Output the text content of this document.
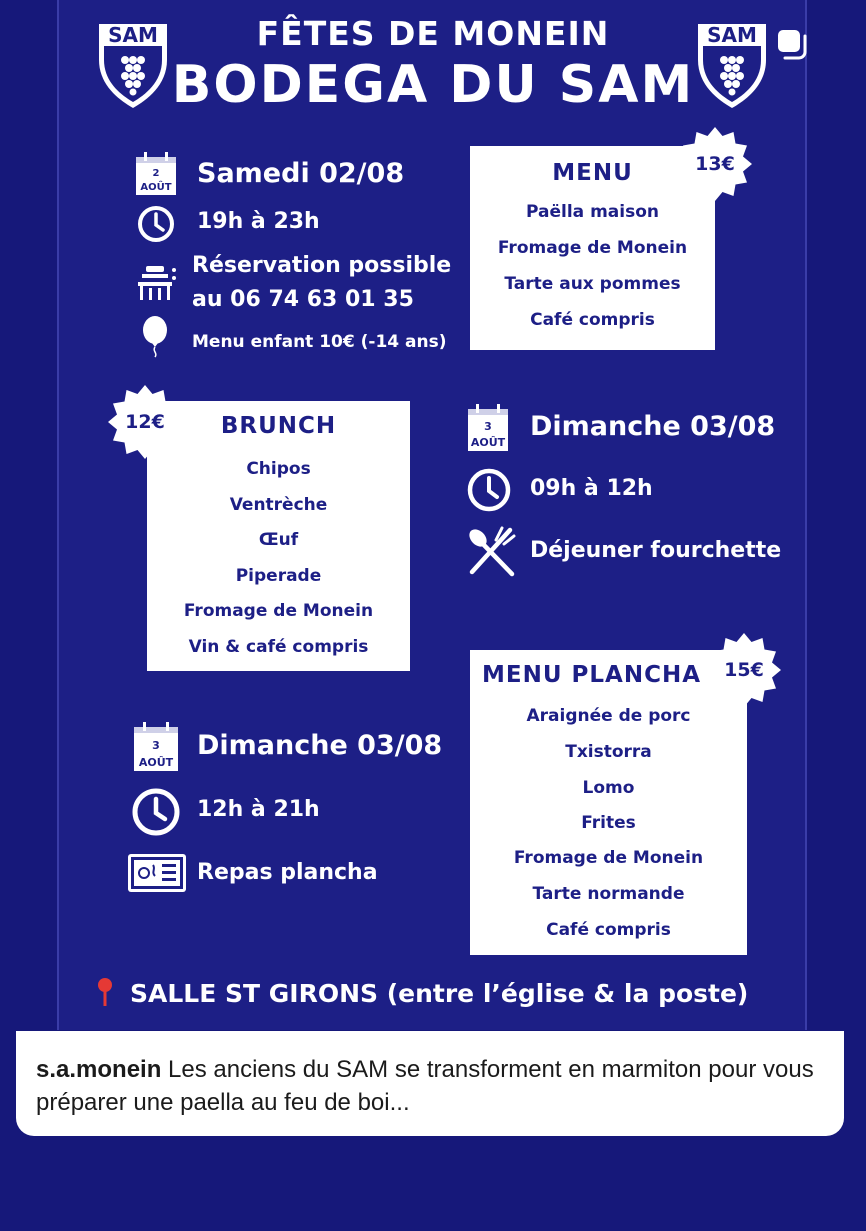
SAM	SAM
FÊTES DE MONEIN
BODEGA DU SAM
2
AOÛT Samedi 02/08
19h à 23h
Réservation possible
au 06 74 63 01 35
Menu enfant 10€ (-14 ans)
MENU
Paëlla maison
Fromage de Monein
Tarte aux pommes
Café compris
13€
BRUNCH
Chipos
Ventrèche
Œuf
Piperade
Fromage de Monein
Vin & café compris
12€	3
AOÛT
Dimanche 03/08
09h à 12h
Déjeuner fourchette
MENU PLANCHA
Araignée de porc
Txistorra
Lomo
Frites
Fromage de Monein
Tarte normande
Café compris
15€
3
AOÛT
Dimanche 03/08
12h à 21h
Repas plancha
SALLE ST GIRONS (entre l’église & la poste)
s.a.monein Les anciens du SAM se transforment en marmiton pour vous préparer une paella au feu de boi...
